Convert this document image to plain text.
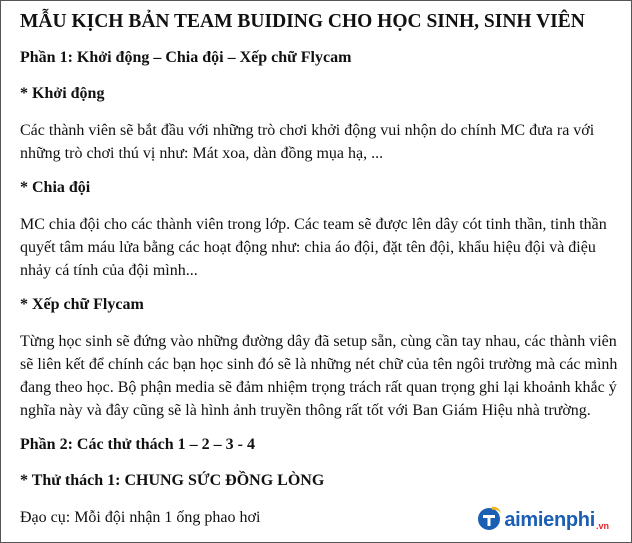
MẪU KỊCH BẢN TEAM BUIDING CHO HỌC SINH, SINH VIÊN
Phần 1: Khởi động – Chia đội – Xếp chữ Flycam
* Khởi động
Các thành viên sẽ bắt đầu với những trò chơi khởi động vui nhộn do chính MC đưa ra với những trò chơi thú vị như: Mát xoa, dàn đồng mụa hạ, ...
* Chia đội
MC chia đội cho các thành viên trong lớp. Các team sẽ được lên dây cót tinh thần, tinh thần quyết tâm máu lửa bằng các hoạt động như: chia áo đội, đặt tên đội, khẩu hiệu đội và điệu nhảy cá tính của đội mình...
* Xếp chữ Flycam
Từng học sinh sẽ đứng vào những đường dây đã setup sẵn, cùng cần tay nhau, các thành viên sẽ liên kết để chính các bạn học sinh đó sẽ là những nét chữ của tên ngôi trường mà các mình đang theo học. Bộ phận media sẽ đảm nhiệm trọng trách rất quan trọng ghi lại khoảnh khắc ý nghĩa này và đây cũng sẽ là hình ảnh truyền thông rất tốt với Ban Giám Hiệu nhà trường.
Phần 2: Các thử thách 1 – 2 – 3 - 4
* Thử thách 1: CHUNG SỨC ĐỒNG LÒNG
Đạo cụ: Mỗi đội nhận 1 ống phao hơi	aimienphi .vn
